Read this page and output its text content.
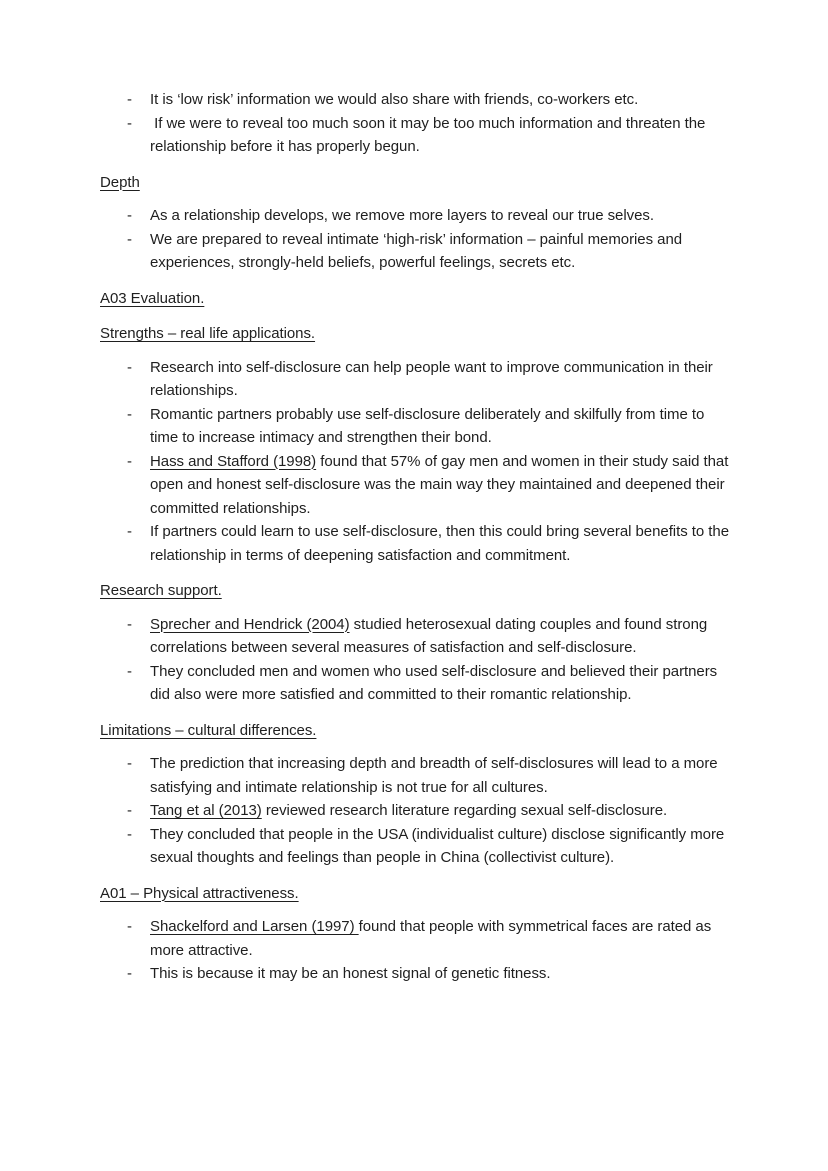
- It is ‘low risk’ information we would also share with friends, co-workers etc.
- If we were to reveal too much soon it may be too much information and threaten the relationship before it has properly begun.

Depth

- As a relationship develops, we remove more layers to reveal our true selves.
- We are prepared to reveal intimate ‘high-risk’ information – painful memories and experiences, strongly-held beliefs, powerful feelings, secrets etc.

A03 Evaluation.

Strengths – real life applications.

- Research into self-disclosure can help people want to improve communication in their relationships.
- Romantic partners probably use self-disclosure deliberately and skilfully from time to time to increase intimacy and strengthen their bond.
- Hass and Stafford (1998) found that 57% of gay men and women in their study said that open and honest self-disclosure was the main way they maintained and deepened their committed relationships.
- If partners could learn to use self-disclosure, then this could bring several benefits to the relationship in terms of deepening satisfaction and commitment.

Research support.

- Sprecher and Hendrick (2004) studied heterosexual dating couples and found strong correlations between several measures of satisfaction and self-disclosure.
- They concluded men and women who used self-disclosure and believed their partners did also were more satisfied and committed to their romantic relationship.

Limitations – cultural differences.

- The prediction that increasing depth and breadth of self-disclosures will lead to a more satisfying and intimate relationship is not true for all cultures.
- Tang et al (2013) reviewed research literature regarding sexual self-disclosure.
- They concluded that people in the USA (individualist culture) disclose significantly more sexual thoughts and feelings than people in China (collectivist culture).

A01 – Physical attractiveness.

- Shackelford and Larsen (1997) found that people with symmetrical faces are rated as more attractive.
- This is because it may be an honest signal of genetic fitness.
